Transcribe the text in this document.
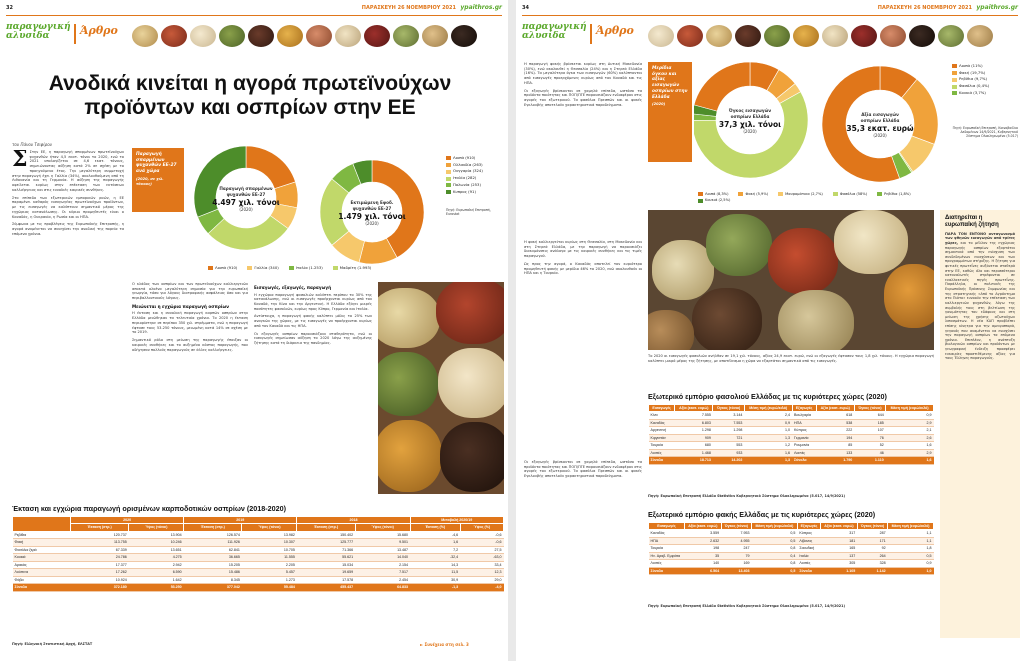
32	ΠΑΡΑΣΚΕΥΗ 26 ΝΟΕΜΒΡΙΟΥ 2021 ypaithros.gr
παραγωγική αλυσίδα	Άρθρο
Ανοδικά κινείται η αγορά πρωτεϊνούχων προϊόντων και οσπρίων στην ΕΕ
του Πάνου Τσιφίρου
Σ Στην ΕΕ, η παραγωγή σπαρμένων πρωτεϊνούχων ψυχανθών ήταν 4,5 εκατ. τόνοι το 2020, ενώ το 2021 υπολογίζεται σε 4,6 εκατ. τόνους, σημειώνοντας αύξηση κατά 2% σε σχέση με το προηγούμενο έτος. Την μεγαλύτερη συμμετοχή στην παραγωγή έχει η Γαλλία (34%), ακολουθούμενη από τη Λιθουανία και τη Γερμανία. Η αύξηση της παραγωγής οφείλεται κυρίως στην επέκταση των εκτάσεων καλλιέργειας και στις ευνοϊκές καιρικές συνθήκες.

Στο επίπεδο των εξωτερικών εμπορικών ροών, η ΕΕ παραμένει καθαρός εισαγωγέας πρωτεϊνούχων προϊόντων, με τις εισαγωγές να καλύπτουν σημαντικό μέρος της εγχώριας κατανάλωσης. Οι κύριοι προμηθευτές είναι ο Καναδάς, η Ουκρανία, η Ρωσία και οι ΗΠΑ.

Σύμφωνα με τις προβλέψεις της Ευρωπαϊκής Επιτροπής, η αγορά αναμένεται να συνεχίσει την ανοδική της πορεία τα επόμενα χρόνια.

Παραγωγή σπαρμένων ψυχανθών ΕΕ-27 ανά χώρα
(2020, σε χιλ. τόνους)
Παραγωγή σπαρμένων
ψυχανθών ΕΕ-27
4.497 χιλ. τόνοι
(2020)
Εκτιμώμενη Εφοδ.
ψυχανθών ΕΕ-27
1.479 χιλ. τόνοι
(2020)
Λοιπά (910)
Ολλανδία (263)
Ουγγαρία (324)
Ιταλία (282)
Πολωνία (253)
Κυπρος (91)
Πηγή: Ευρωπαϊκή Επιτροπή, Eurostat
Λοιπά (910)	Γαλλία (340)	Ιταλία (1.253)	Μαδρίτη (1.993)

Ο κλάδος των οσπρίων και των πρωτεϊνούχων καλλιεργειών αποκτά ολοένα μεγαλύτερη σημασία για την ευρωπαϊκή γεωργία, τόσο για λόγους διατροφικής ασφάλειας όσο και για περιβαλλοντικούς λόγους.

Μειώνεται η εγχώρια παραγωγή οσπρίων

Η έκταση και η συνολική παραγωγή καρπών οσπρίων στην Ελλάδα μειώθηκαν τα τελευταία χρόνια. Το 2020 η έκταση περιορίστηκε σε περίπου 350 χιλ. στρέμματα, ενώ η παραγωγή έφτασε τους 53.250 τόνους, μειωμένη κατά 14% σε σχέση με το 2019.

Σημαντικό ρόλο στη μείωση της παραγωγής έπαιξαν οι καιρικές συνθήκες και το αυξημένο κόστος παραγωγής, που οδήγησαν πολλούς παραγωγούς σε άλλες καλλιέργειες.

Εισαγωγές, εξαγωγές, παραγωγή

Η εγχώρια παραγωγή φασολιών καλύπτει περίπου το 30% της κατανάλωσης, ενώ οι εισαγωγές προέρχονται κυρίως από τον Καναδά, την Κίνα και την Αργεντινή. Η Ελλάδα εξάγει μικρές ποσότητες φασολιών, κυρίως προς Κύπρο, Γερμανία και Ιταλία.

Αντίστοιχα, η παραγωγή φακής καλύπτει μόλις το 25% των αναγκών της χώρας, με τις εισαγωγές να προέρχονται κυρίως από τον Καναδά και τις ΗΠΑ.

Οι εξαγωγές οσπρίων παρουσιάζουν σταθερότητα, ενώ οι εισαγωγές σημείωσαν αύξηση το 2020 λόγω της αυξημένης ζήτησης κατά τη διάρκεια της πανδημίας.

Έκταση και εγχώρια παραγωγή ορισμένων καρποδοτικών οσπρίων (2018-2020)
	2020		2019		2018		Μεταβολή 2020/19	
	Έκταση (στρ.)	Ύψος (τόνοι)	Έκταση (στρ.)	Ύψος (τόνοι)	Έκταση (στρ.)	Ύψος (τόνοι)	Έκταση (%)	Ύψος (%)
Ρεβίθια	120.737	13.904	126.574	13.982	150.402	15.680	-4,6	-0,6
Φακή	113.755	10.246	111.926	10.307	125.777	9.501	1,6	-0,6
Φασόλια ξερά	67.339	13.651	62.841	10.705	71.366	13.487	7,2	27,5
Κουκιά	24.786	4.275	36.665	11.555	55.621	14.040	-32,4	-63,0
Αρακάς	17.377	2.942	15.205	2.205	15.034	2.154	14,3	33,4
Λούπινα	17.262	6.590	15.486	5.457	19.659	7.517	11,5	12,3
Φάβα	10.924	1.642	8.345	1.273	17.578	2.454	30,9	29,0
Σύνολο	372.180	53.250	377.042	55.484	455.437	64.833	-1,3	-4,0
Πηγή: Ελληνική Στατιστική Αρχή, ΕΛΣΤΑΤ	► Συνέχεια στη σελ. 3
34	ΠΑΡΑΣΚΕΥΗ 26 ΝΟΕΜΒΡΙΟΥ 2021 ypaithros.gr
παραγωγική αλυσίδα	Άρθρο

Η παραγωγή φακής βρίσκεται κυρίως στη Δυτική Μακεδονία (30%), ενώ ακολουθεί η Θεσσαλία (24%) και η Στερεά Ελλάδα (16%). Τα μεγαλύτερα όγκα των εισαγωγών (60%) καλύπτονται από εισαγωγές προερχόμενες κυρίως από τον Καναδά και τις ΗΠΑ.

Οι εξαγωγές βρίσκονται σε χαμηλά επίπεδα, ωστόσο τα προϊόντα ποιότητας και ΠΟΠ/ΠΓΕ παρουσιάζουν ενδιαφέρον στις αγορές του εξωτερικού. Τα φασόλια Πρεσπών και οι φακές Εγκλουβής αποτελούν χαρακτηριστικά παραδείγματα.

Η φακή καλλιεργείται κυρίως στη Θεσσαλία, στη Μακεδονία και στη Στερεά Ελλάδα, με την παραγωγή να παρουσιάζει διακυμάνσεις ανάλογα με τις καιρικές συνθήκες και τις τιμές παραγωγού.

Ως προς την αγορά, ο Καναδάς αποτελεί τον κυριότερο προμηθευτή φακής με μερίδιο 46% το 2020, ενώ ακολουθούν οι ΗΠΑ και η Τουρκία.

Μερίδια όγκου και αξίας εισαγωγών οσπρίων στην Ελλάδα
(2020)
Όγκος εισαγωγών
οσπρίων Ελλάδα
37,3 χιλ. τόνοι
(2020)
Αξία εισαγωγών
οσπρίων Ελλάδα
35,3 εκατ. ευρώ
(2020)
Λοιπά (11%)
Φακή (19,7%)
Ρεβίθια (9,7%)
Φασόλια (0,4%)
Κουκιά (3,7%)
Πηγή: Ευρωπαϊκή Επιτροπή, Κοινοβούλιο Δεδομένων 14/9/2021, Κυβερνητικό Σύστημα Ολοκληρωμένο (5.017)
Λοιπά (8,3%)	Φακή (5,9%)	Μαυρομάτικα (2,7%)	Φασόλια (58%)	Ρεβίθια (1,8%)
Κουκιά (2,5%)

Το 2020 οι εισαγωγές φασολιών ανήλθαν σε 19,1 χιλ. τόνους, αξίας 24,9 εκατ. ευρώ, ενώ οι εξαγωγές έφτασαν τους 1,8 χιλ. τόνους. Η εγχώρια παραγωγή καλύπτει μικρό μέρος της ζήτησης, με αποτέλεσμα η χώρα να εξαρτάται σημαντικά από τις εισαγωγές.

Εξωτερικό εμπόριο φασολιού Ελλάδας με τις κυριότερες χώρες (2020)
Εισαγωγές	Αξία (εκατ. ευρώ)	Όγκος (τόνοι)	Μέση τιμή (ευρώ/κιλό)	Εξαγωγές	Αξία (εκατ. ευρώ)	Όγκος (τόνοι)	Μέση τιμή (ευρώ/κιλό)
Κίνα	7.555	3.144	2,4	Βουλγαρία	618	644	0,9
Καναδάς	6.803	7.553	0,9	ΗΠΑ	538	185	2,9
Αργεντινή	1.298	1.298	1,0	Κύπρος	222	107	2,1
Κιργιστάν	909	721	1,3	Γερμανία	194	76	2,6
Τουρκία	680	553	1,2	Ρουμανία	85	52	1,6
Λοιπές	1.468	933	1,6	Λοιπές	133	46	2,9
Σύνολο	18.713	14.202	1,3	Σύνολο	1.790	1.110	1,6
Πηγή: Ευρωπαϊκή Επιτροπή Ελλάδα Statistics Κυβερνητικό Σύστημα Ολοκληρωμένο (5.017, 14/9/2021)
Εξωτερικό εμπόριο φακής Ελλάδας με τις κυριότερες χώρες (2020)
Εισαγωγές	Αξία (εκατ. ευρώ)	Όγκος (τόνοι)	Μέση τιμή (ευρώ/κιλό)	Εξαγωγές	Αξία (εκατ. ευρώ)	Όγκος (τόνοι)	Μέση τιμή (ευρώ/κιλό)
Καναδάς	3.559	7.953	0,5	Κύπρος	317	287	1,1
ΗΠΑ	2.632	4.955	0,5	Λίβανος	181	171	1,1
Τουρκία	198	247	0,8	Σαουδική	165	92	1,8
Ην. Αραβ. Εμιράτα	35	79	0,4	Ιταλία	137	264	0,5
Λοιπές	140	169	0,8	Λοιπές	305	328	0,9
Σύνολο	6.564	13.403	0,5	Σύνολο	1.105	1.142	1,0
Πηγή: Ευρωπαϊκή Επιτροπή Ελλάδα Statistics Κυβερνητικό Σύστημα Ολοκληρωμένο (5.017, 14/9/2021)

Οι εξαγωγές βρίσκονται σε χαμηλά επίπεδα, ωστόσο τα προϊόντα ποιότητας και ΠΟΠ/ΠΓΕ παρουσιάζουν ενδιαφέρον στις αγορές του εξωτερικού. Τα φασόλια Πρεσπών και οι φακές Εγκλουβής αποτελούν χαρακτηριστικά παραδείγματα.

Διατηρείται η ευρωπαϊκή ζήτηση
ΠΑΡΑ ΤΟΝ ΕΝΤΟΝΟ ανταγωνισμό των φθηνών εισαγωγών από τρίτες χώρες, και το μέλλον της εγχώριας παραγωγής οσπρίων εξαρτάται σημαντικά από την ενίσχυση των συνδεδεμένων ενισχύσεων και των προγραμμάτων στήριξης. Η ζήτηση για φυτικές πρωτεΐνες αυξάνεται σταθερά στην ΕΕ, καθώς όλο και περισσότεροι καταναλωτές στρέφονται σε εναλλακτικές πηγές πρωτεΐνης. Παράλληλα, οι πολιτικές της Ευρωπαϊκής Πράσινης Συμφωνίας και της στρατηγικής «Από το Αγρόκτημα στο Πιάτο» ευνοούν την επέκταση των καλλιεργειών ψυχανθών, λόγω της συμβολής τους στη βελτίωση της γονιμότητας του εδάφους και στη μείωση της χρήσης αζωτούχων λιπασμάτων. Η νέα ΚΑΠ προβλέπει επίσης κίνητρα για την αμειψισπορά, γεγονός που αναμένεται να ενισχύσει την παραγωγή οσπρίων τα επόμενα χρόνια. Επιπλέον, η ανάπτυξη βιολογικών οσπρίων και προϊόντων με γεωγραφική ένδειξη προσφέρει ευκαιρίες προστιθέμενης αξίας για τους Έλληνες παραγωγούς.
